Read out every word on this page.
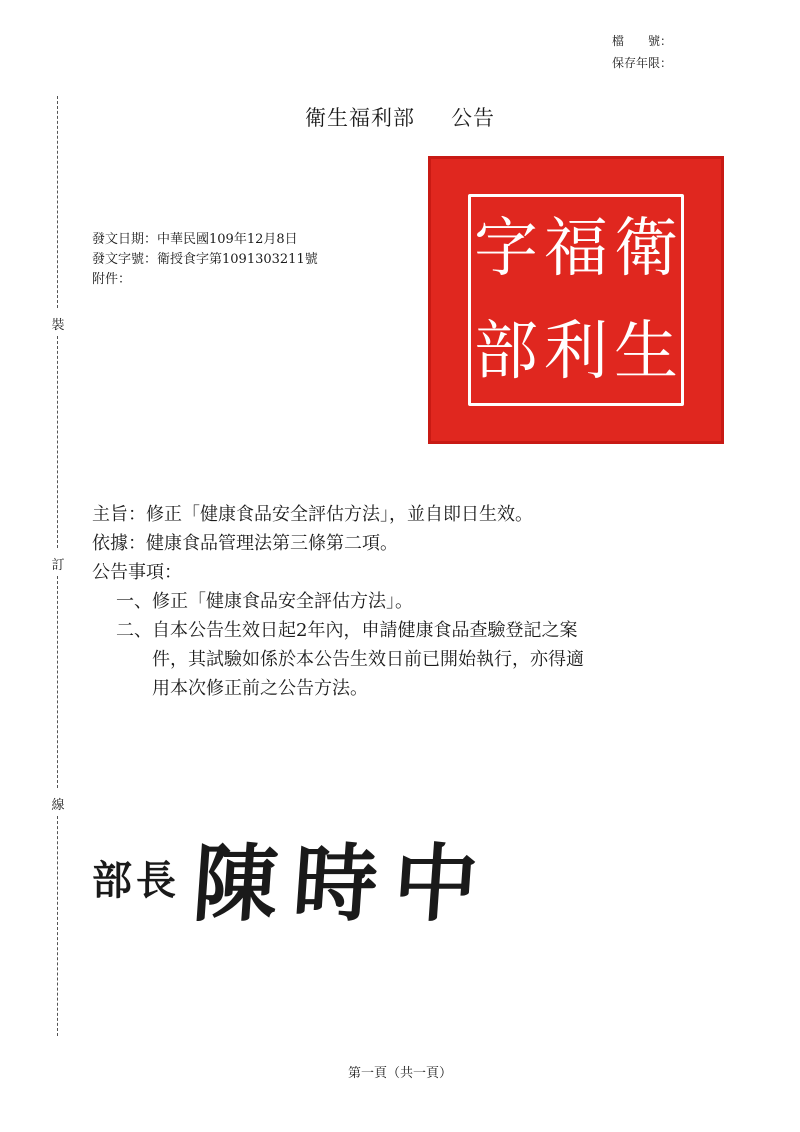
檔　　號：
保存年限：
裝
訂
線
衛生福利部 公告
發文日期：中華民國109年12月8日
發文字號：衛授食字第1091303211號
附件：	字 福 衛
部 利 生
主旨：修正「健康食品安全評估方法」，並自即日生效。
依據：健康食品管理法第三條第二項。
公告事項：
一、修正「健康食品安全評估方法」。
二、自本公告生效日起2年內，申請健康食品查驗登記之案
件，其試驗如係於本公告生效日前已開始執行，亦得適
用本次修正前之公告方法。
部長 陳時中
第一頁（共一頁）
